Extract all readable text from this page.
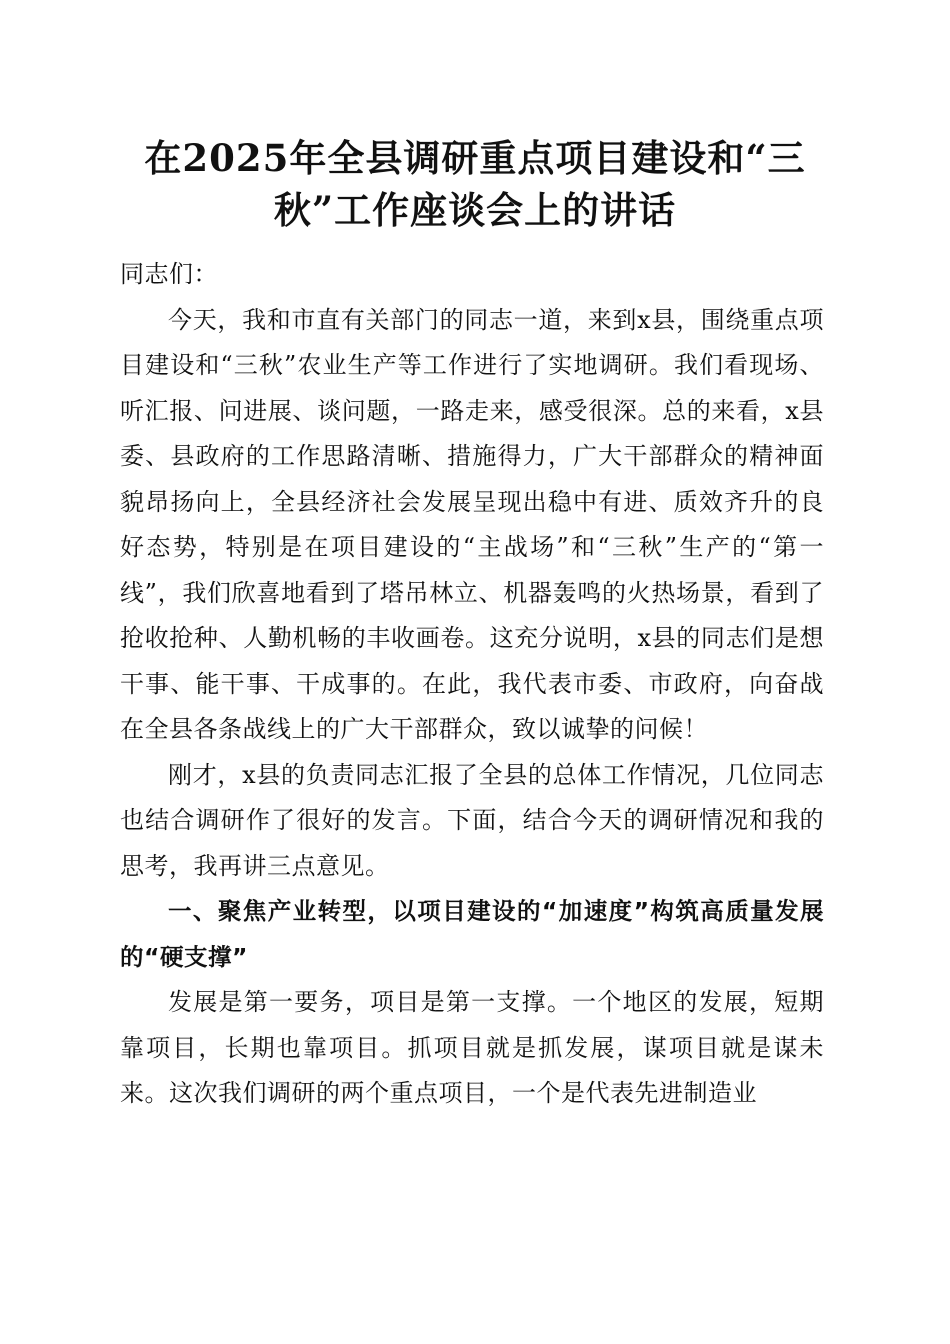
在2025年全县调研重点项目建设和“三
秋”工作座谈会上的讲话

同志们：

今天，我和市直有关部门的同志一道，来到x县，围绕重点项目建设和“三秋”农业生产等工作进行了实地调研。我们看现场、听汇报、问进展、谈问题，一路走来，感受很深。总的来看，x县委、县政府的工作思路清晰、措施得力，广大干部群众的精神面貌昂扬向上，全县经济社会发展呈现出稳中有进、质效齐升的良好态势，特别是在项目建设的“主战场”和“三秋”生产的“第一线”，我们欣喜地看到了塔吊林立、机器轰鸣的火热场景，看到了抢收抢种、人勤机畅的丰收画卷。这充分说明，x县的同志们是想干事、能干事、干成事的。在此，我代表市委、市政府，向奋战在全县各条战线上的广大干部群众，致以诚挚的问候！

刚才，x县的负责同志汇报了全县的总体工作情况，几位同志也结合调研作了很好的发言。下面，结合今天的调研情况和我的思考，我再讲三点意见。

一、聚焦产业转型，以项目建设的“加速度”构筑高质量发展的“硬支撑”

发展是第一要务，项目是第一支撑。一个地区的发展，短期靠项目，长期也靠项目。抓项目就是抓发展，谋项目就是谋未来。这次我们调研的两个重点项目，一个是代表先进制造业
